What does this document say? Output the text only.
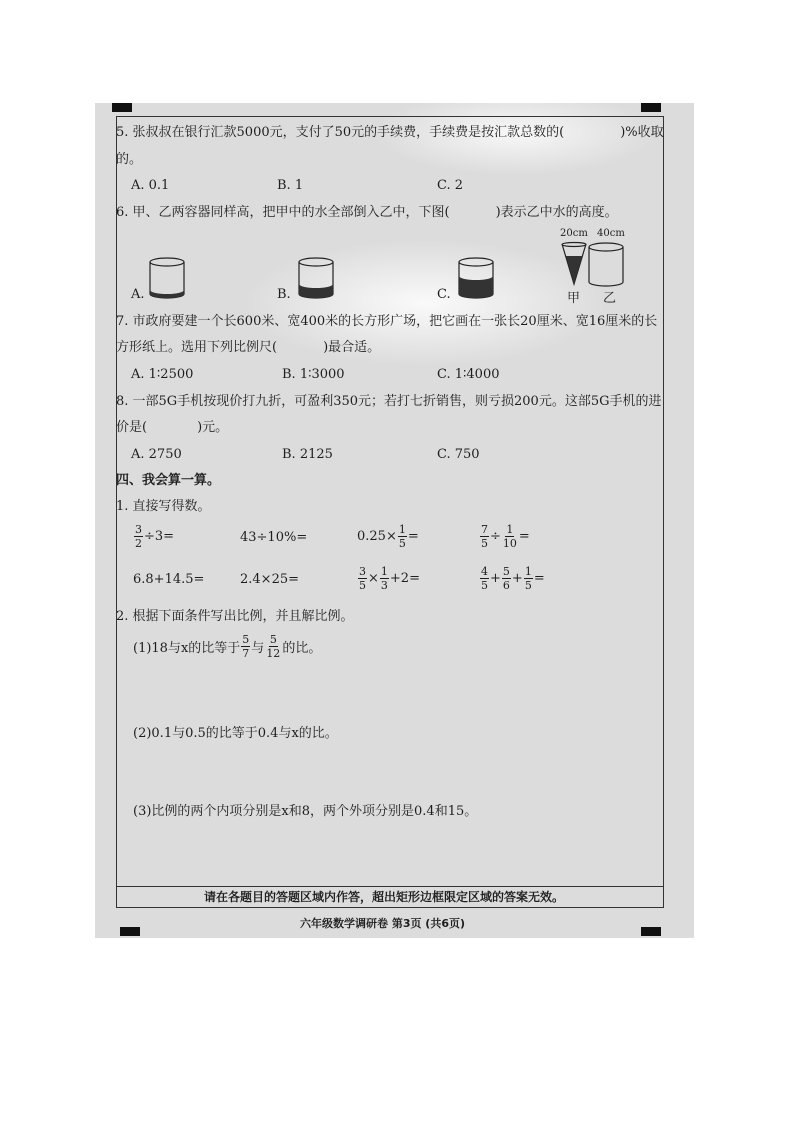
5. 张叔叔在银行汇款5000元，支付了50元的手续费，手续费是按汇款总数的(	)%收取
的。
A. 0.1	B. 1	C. 2
6. 甲、乙两容器同样高，把甲中的水全部倒入乙中，下图(	)表示乙中水的高度。
20cm 40cm
甲 乙
A.	B.	C.
7. 市政府要建一个长600米、宽400米的长方形广场，把它画在一张长20厘米、宽16厘米的长
方形纸上。选用下列比例尺(	)最合适。
A. 1∶2500	B. 1∶3000	C. 1∶4000
8. 一部5G手机按现价打九折，可盈利350元；若打七折销售，则亏损200元。这部5G手机的进
价是(	)元。
A. 2750	B. 2125	C. 750
四、我会算一算。
1. 直接写得数。
$\frac{3}{2} \div 3=$	43÷10%=	$0.25\times \frac{1}{5}$ =	$\frac{7}{5} \div \frac{1}{10}$ =
6.8+14.5=	2.4×25=	$\frac{3}{5} \times \frac{1}{3} +2=$	$\frac{4}{5} + \frac{5}{6} + \frac{1}{5}$ =
2. 根据下面条件写出比例，并且解比例。
(1)18与x的比等于 $\frac{5}{7}$ 与 $\frac{5}{12}$ 的比。
(2)0.1与0.5的比等于0.4与x的比。
(3)比例的两个内项分别是x和8，两个外项分别是0.4和15。
请在各题目的答题区域内作答，超出矩形边框限定区域的答案无效。
六年级数学调研卷 第3页 (共6页)
